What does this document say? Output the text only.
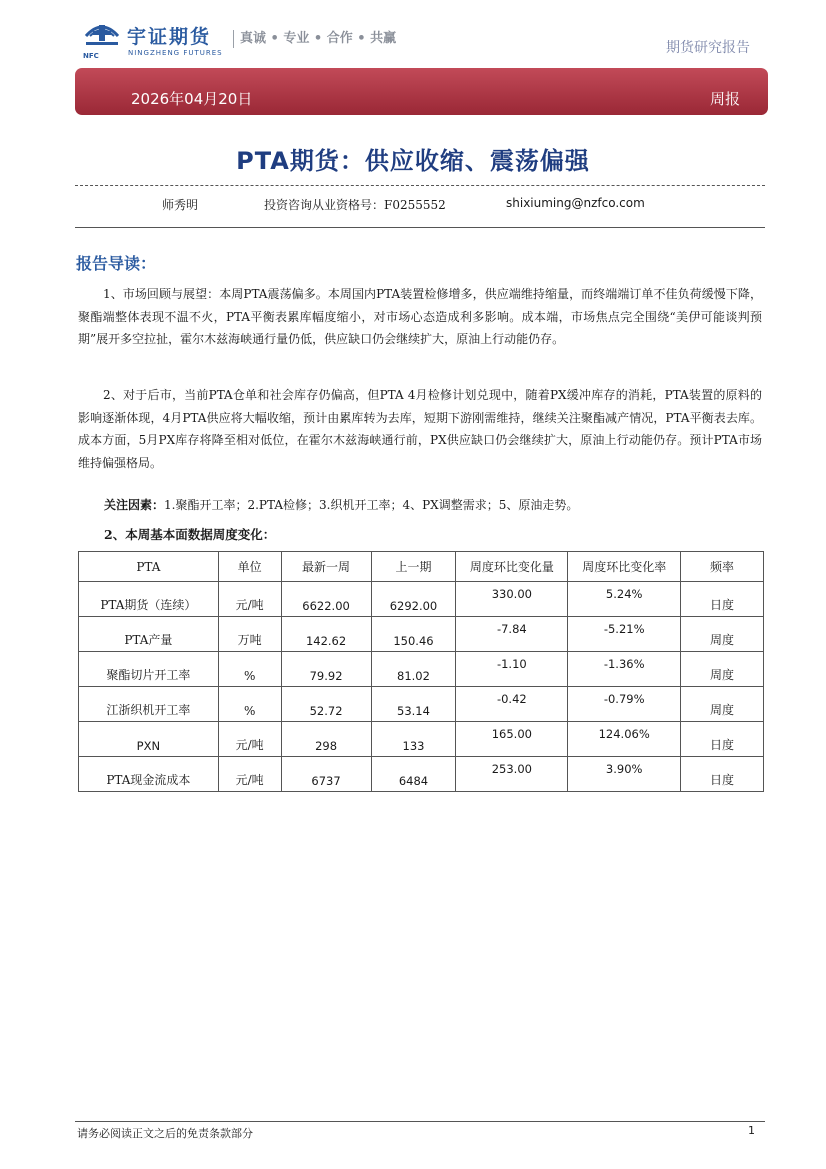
NFC
宇证期货
NINGZHENG FUTURES
真诚 • 专业 • 合作 • 共赢
期货研究报告
2026年04月20日	周报
PTA期货：供应收缩、震荡偏强
师秀明	投资咨询从业资格号：F0255552	shixiuming@nzfco.com
报告导读：

1、市场回顾与展望：本周PTA震荡偏多。本周国内PTA装置检修增多，供应端维持缩量，而终端端订单不佳负荷缓慢下降，聚酯端整体表现不温不火，PTA平衡表累库幅度缩小，对市场心态造成利多影响。成本端，市场焦点完全围绕“美伊可能谈判预期”展开多空拉扯，霍尔木兹海峡通行量仍低，供应缺口仍会继续扩大，原油上行动能仍存。

2、对于后市，当前PTA仓单和社会库存仍偏高，但PTA 4月检修计划兑现中，随着PX缓冲库存的消耗，PTA装置的原料的影响逐渐体现，4月PTA供应将大幅收缩，预计由累库转为去库，短期下游刚需维持，继续关注聚酯减产情况，PTA平衡表去库。成本方面，5月PX库存将降至相对低位，在霍尔木兹海峡通行前，PX供应缺口仍会继续扩大，原油上行动能仍存。预计PTA市场维持偏强格局。

关注因素：1.聚酯开工率；2.PTA检修；3.织机开工率；4、PX调整需求；5、原油走势。
2、本周基本面数据周度变化：
PTA	单位	最新一周	上一期	周度环比变化量	周度环比变化率	频率
PTA期货（连续）	元/吨	6622.00	6292.00	330.00	5.24%	日度
PTA产量	万吨	142.62	150.46	-7.84	-5.21%	周度
聚酯切片开工率	%	79.92	81.02	-1.10	-1.36%	周度
江浙织机开工率	%	52.72	53.14	-0.42	-0.79%	周度
PXN	元/吨	298	133	165.00	124.06%	日度
PTA现金流成本	元/吨	6737	6484	253.00	3.90%	日度
请务必阅读正文之后的免责条款部分	1
